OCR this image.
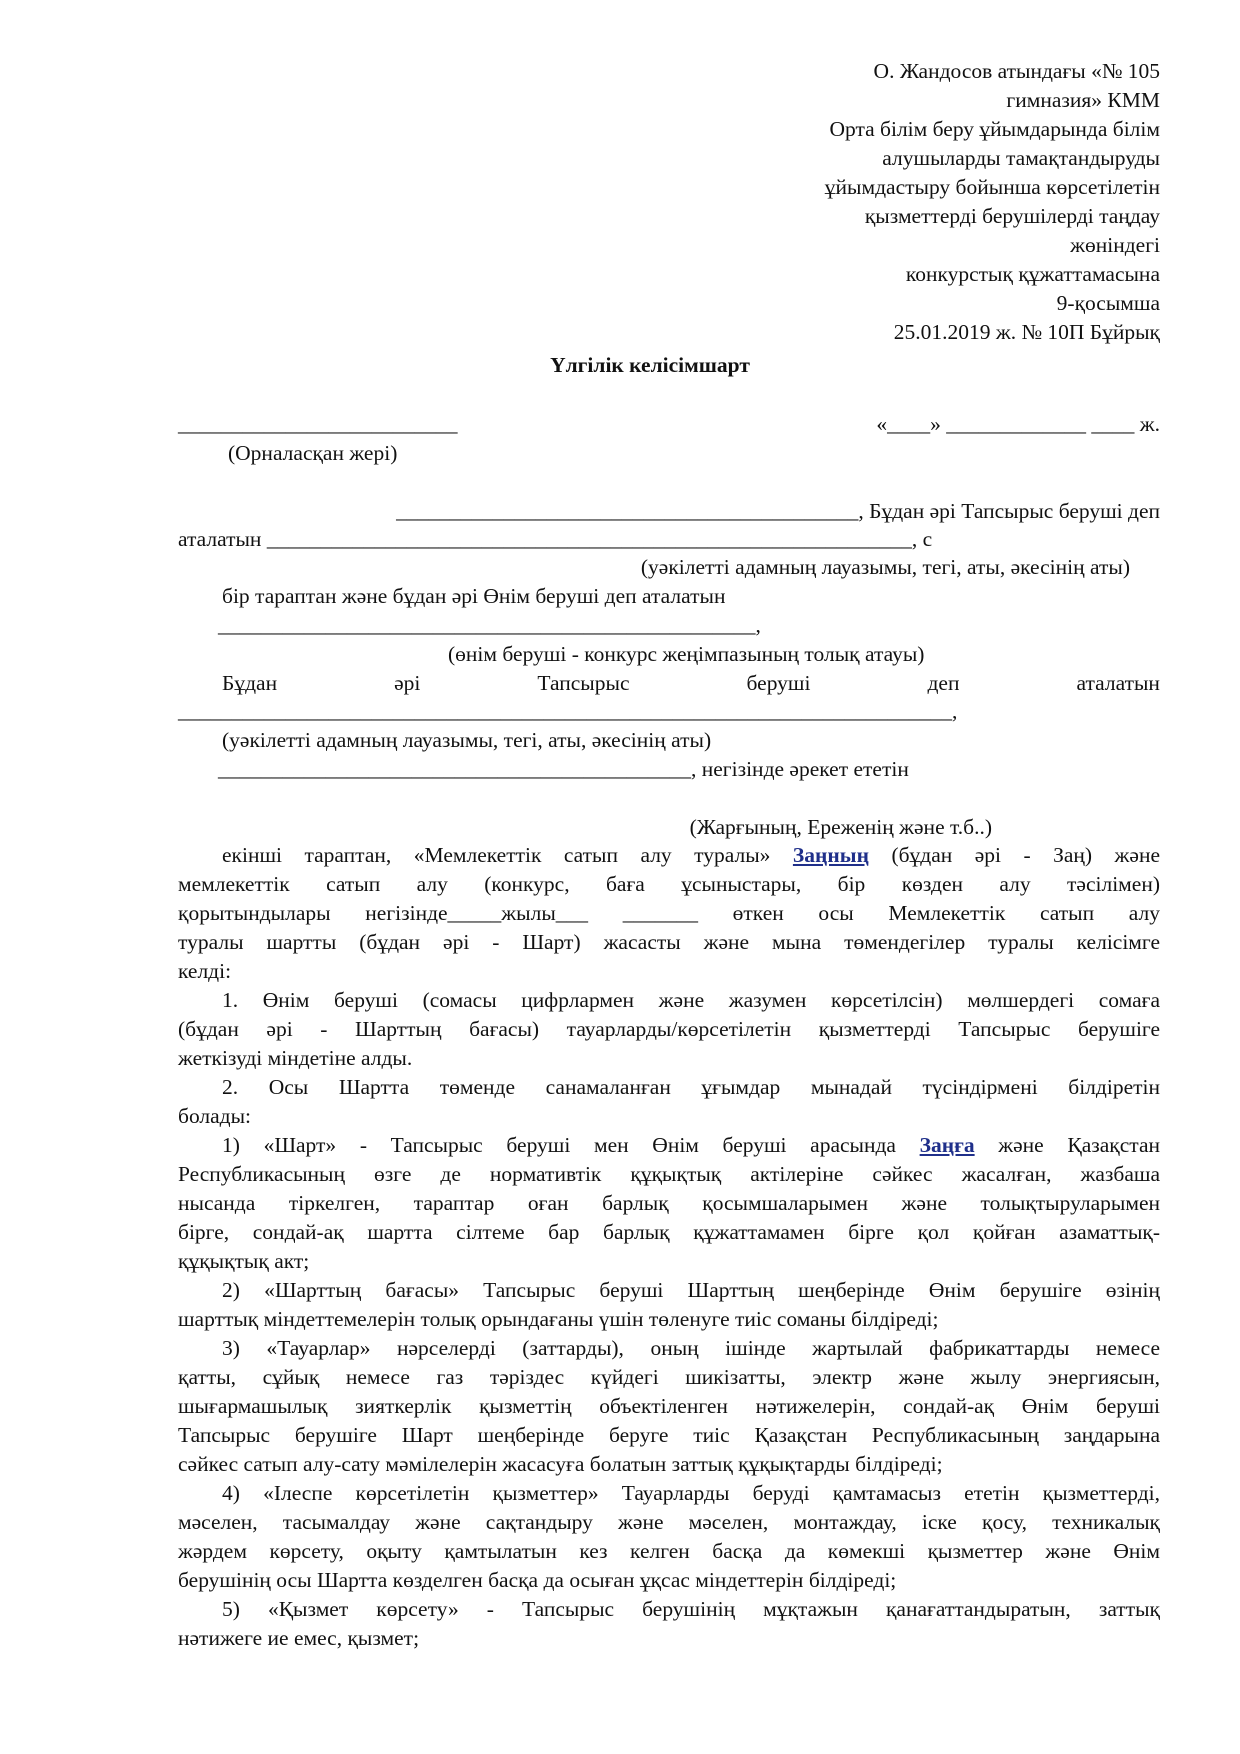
О. Жандосов атындағы «№ 105
гимназия» КММ
Орта білім беру ұйымдарында білім
алушыларды тамақтандыруды
ұйымдастыру бойынша көрсетілетін
қызметтерді берушілерді таңдау
жөніндегі
конкурстық құжаттамасына
9-қосымша
25.01.2019 ж. № 10П Бұйрық
Үлгілік келісімшарт
__________________________	«____» _____________ ____ ж.
(Орналасқан жері)
___________________________________________, Бұдан әрі Тапсырыс беруші деп
аталатын ____________________________________________________________, с
(уәкілетті адамның лауазымы, тегі, аты, әкесінің аты)
бір тараптан және бұдан әрі Өнім беруші деп аталатын
__________________________________________________,
(өнім беруші - конкурс жеңімпазының толық атауы)
Бұдан	әрі	Тапсырыс	беруші	деп	аталатын
________________________________________________________________________,
(уәкілетті адамның лауазымы, тегі, аты, әкесінің аты)
____________________________________________, негізінде әрекет ететін
(Жарғының, Ереженің және т.б..)
екінші тараптан, «Мемлекеттік сатып алу туралы» Заңның (бұдан әрі - Заң) және
мемлекеттік сатып алу (конкурс, баға ұсыныстары, бір көзден алу тәсілімен)
қорытындылары негізінде_____жылы___ _______ өткен осы Мемлекеттік сатып алу
туралы шартты (бұдан әрі - Шарт) жасасты және мына төмендегілер туралы келісімге
келді:
1. Өнім беруші (сомасы цифрлармен және жазумен көрсетілсін) мөлшердегі сомаға
(бұдан әрі - Шарттың бағасы) тауарларды/көрсетілетін қызметтерді Тапсырыс берушіге
жеткізуді міндетіне алды.
2. Осы Шартта төменде санамаланған ұғымдар мынадай түсіндірмені білдіретін
болады:
1) «Шарт» - Тапсырыс беруші мен Өнім беруші арасында Заңға және Қазақстан
Республикасының өзге де нормативтік құқықтық актілеріне сәйкес жасалған, жазбаша
нысанда тіркелген, тараптар оған барлық қосымшаларымен және толықтыруларымен
бірге, сондай-ақ шартта сілтеме бар барлық құжаттамамен бірге қол қойған азаматтық-
құқықтық акт;
2) «Шарттың бағасы» Тапсырыс беруші Шарттың шеңберінде Өнім берушіге өзінің
шарттық міндеттемелерін толық орындағаны үшін төленуге тиіс соманы білдіреді;
3) «Тауарлар» нәрселерді (заттарды), оның ішінде жартылай фабрикаттарды немесе
қатты, сұйық немесе газ тәріздес күйдегі шикізатты, электр және жылу энергиясын,
шығармашылық зияткерлік қызметтің объектіленген нәтижелерін, сондай-ақ Өнім беруші
Тапсырыс берушіге Шарт шеңберінде беруге тиіс Қазақстан Республикасының заңдарына
сәйкес сатып алу-сату мәмілелерін жасасуға болатын заттық құқықтарды білдіреді;
4) «Ілеспе көрсетілетін қызметтер» Тауарларды беруді қамтамасыз ететін қызметтерді,
мәселен, тасымалдау және сақтандыру және мәселен, монтаждау, іске қосу, техникалық
жәрдем көрсету, оқыту қамтылатын кез келген басқа да көмекші қызметтер және Өнім
берушінің осы Шартта көзделген басқа да осыған ұқсас міндеттерін білдіреді;
5) «Қызмет көрсету» - Тапсырыс берушінің мұқтажын қанағаттандыратын, заттық
нәтижеге ие емес, қызмет;
